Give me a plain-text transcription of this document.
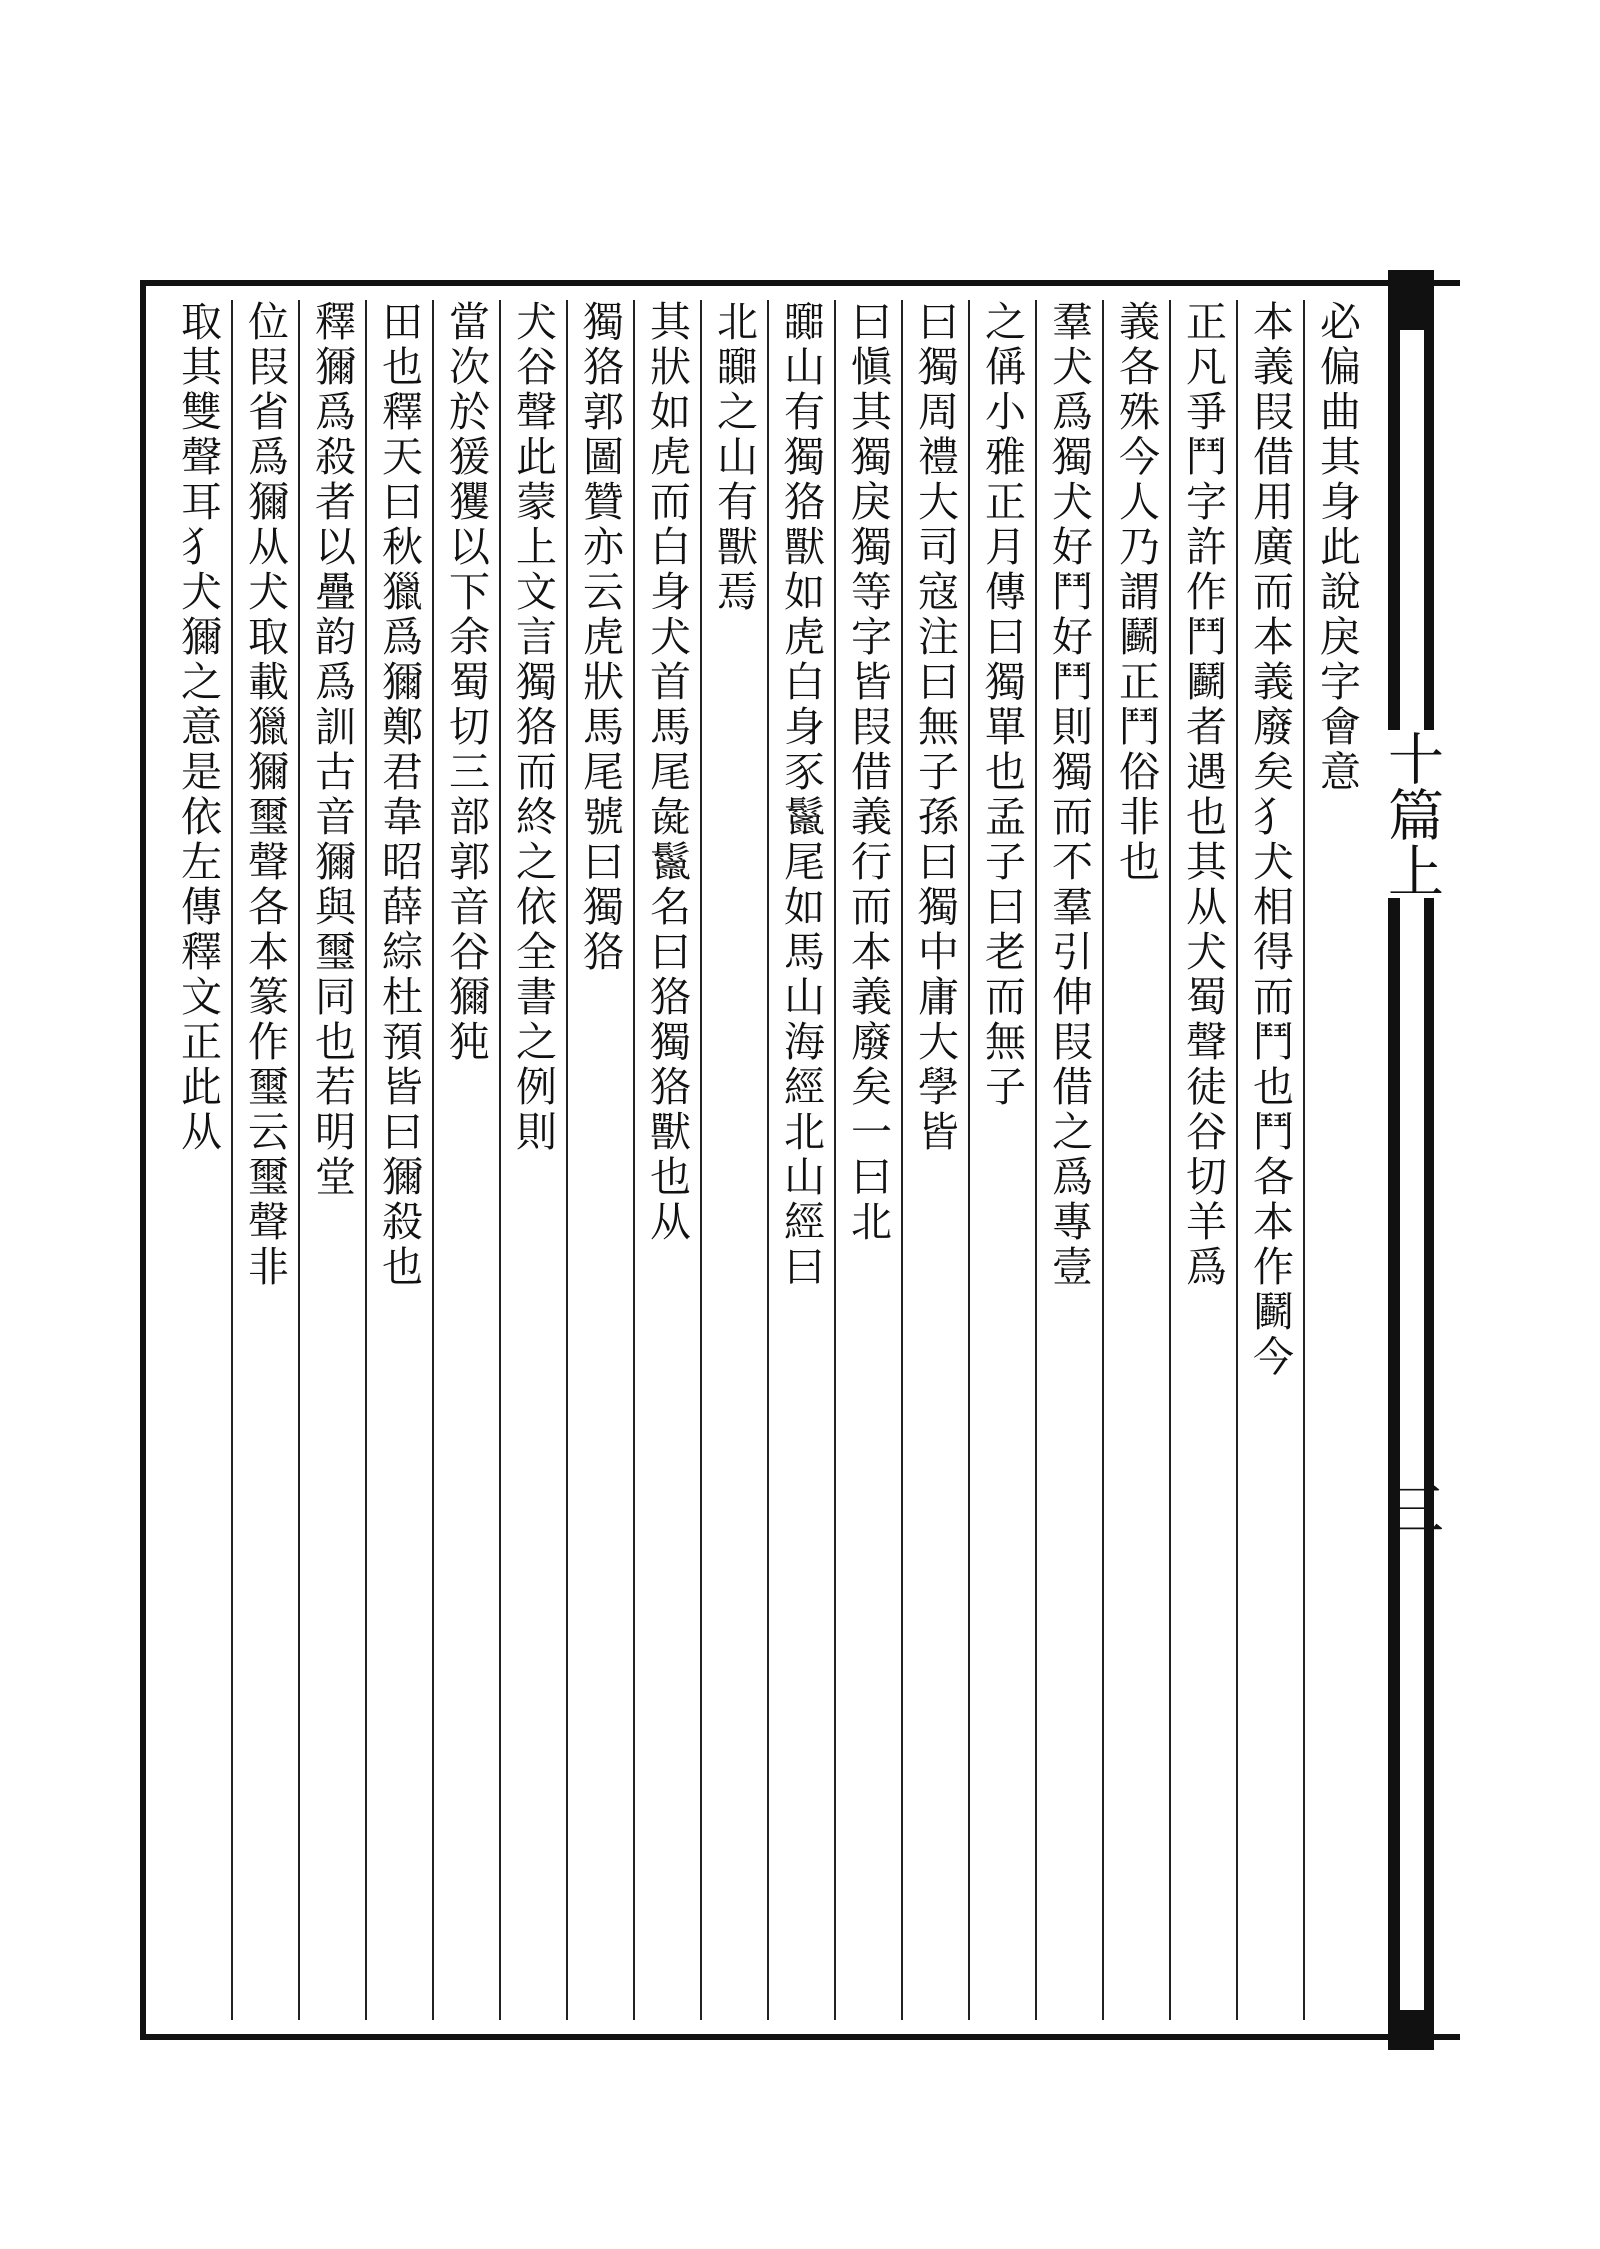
十篇上
三
必偏曲其身此說戾字會意
本義叚借用廣而本義廢矣犭犬相得而鬥也鬥各本作鬬今
正凡爭鬥字許作鬥鬬者遇也其从犬蜀聲徒谷切羊爲
義各殊今人乃謂鬬正鬥俗非也
羣犬爲獨犬好鬥好鬥則獨而不羣引伸叚借之爲專壹
之偁小雅正月傳曰獨單也孟子曰老而無子
曰獨周禮大司寇注曰無子孫曰獨中庸大學皆
曰愼其獨戾獨等字皆叚借義行而本義廢矣一曰北
嚻山有獨狢獸如虎白身豕鬣尾如馬山海經北山經曰
北嚻之山有獸焉
其狀如虎而白身犬首馬尾彘鬣名曰狢獨狢獸也从
獨狢郭圖贊亦云虎狀馬尾號曰獨狢
犬谷聲此蒙上文言獨狢而終之依全書之例則
當次於猨玃以下余蜀切三部郭音谷獮㹠
田也釋天曰秋獵爲獮鄭君韋昭薛綜杜預皆曰獮殺也
釋獮爲殺者以疊韵爲訓古音獮與璽同也若明堂
位叚省爲獮从犬取載獵獮璽聲各本篆作璽云璽聲非
取其雙聲耳犭犬獮之意是依左傳釋文正此从
